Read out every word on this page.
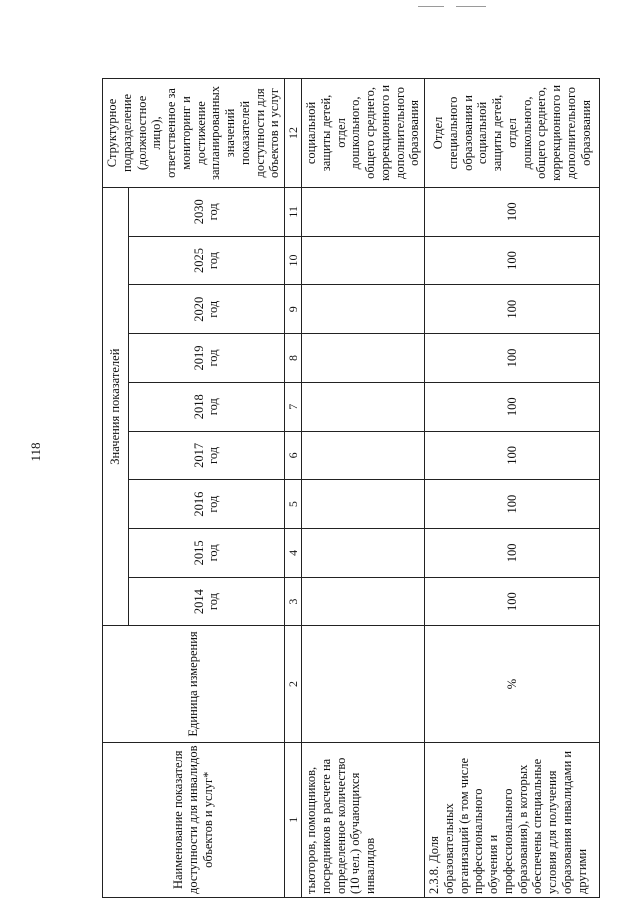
118
Наименование показателя доступности для инвалидов объектов и услуг*	Единица измерения	Значения показателей									Структурное подразделение (должностное лицо), ответственное за мониторинг и достижение запланированных значений показателей доступности для объектов и услуг
		2014 год	2015 год	2016 год	2017 год	2018 год	2019 год	2020 год	2025 год	2030 год	
1	2	3	4	5	6	7	8	9	10	11	12
тьюторов, помощников, посредников в расчете на определенное количество (10 чел.) обучающихся инвалидов											социальной защиты детей, отдел дошкольного, общего среднего, коррекционного и дополнительного образования
2.3.8. Доля образовательных организаций (в том числе профессионального обучения и профессионального образования), в которых обеспечены специальные условия для получения образования инвалидами и другими	%	100	100	100	100	100	100	100	100	100	Отдел специального образования и социальной защиты детей, отдел дошкольного, общего среднего, коррекционного и дополнительного образования
